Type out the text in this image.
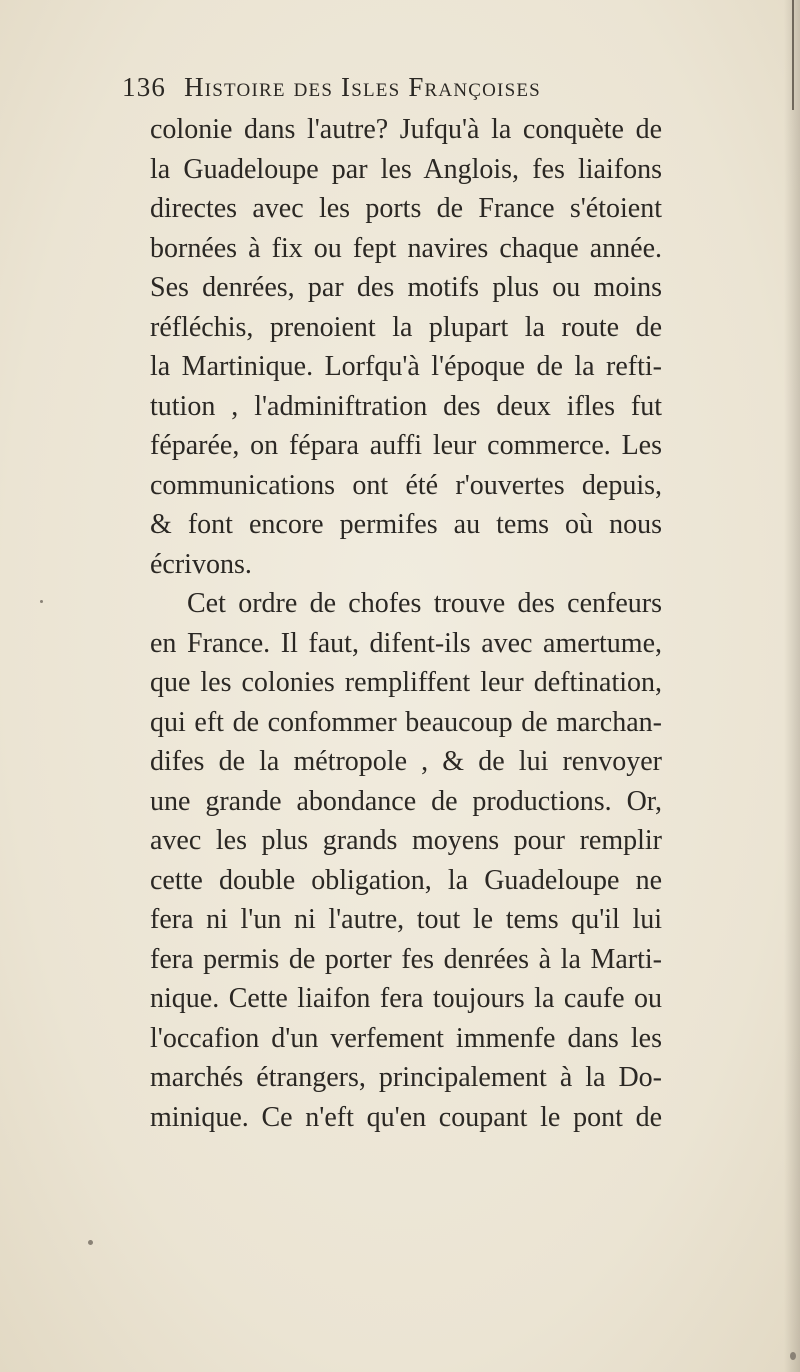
136 Histoire des Isles Françoises
colonie dans l'autre? Jufqu'à la conquète de
la Guadeloupe par les Anglois, fes liaifons
directes avec les ports de France s'étoient
bornées à fix ou fept navires chaque année.
Ses denrées, par des motifs plus ou moins
réfléchis, prenoient la plupart la route de
la Martinique. Lorfqu'à l'époque de la refti-
tution , l'adminiftration des deux ifles fut
féparée, on fépara auffi leur commerce. Les
communications ont été r'ouvertes depuis,
& font encore permifes au tems où nous
écrivons.
Cet ordre de chofes trouve des cenfeurs
en France. Il faut, difent-ils avec amertume,
que les colonies rempliffent leur deftination,
qui eft de confommer beaucoup de marchan-
difes de la métropole , & de lui renvoyer
une grande abondance de productions. Or,
avec les plus grands moyens pour remplir
cette double obligation, la Guadeloupe ne
fera ni l'un ni l'autre, tout le tems qu'il lui
fera permis de porter fes denrées à la Marti-
nique. Cette liaifon fera toujours la caufe ou
l'occafion d'un verfement immenfe dans les
marchés étrangers, principalement à la Do-
minique. Ce n'eft qu'en coupant le pont de
